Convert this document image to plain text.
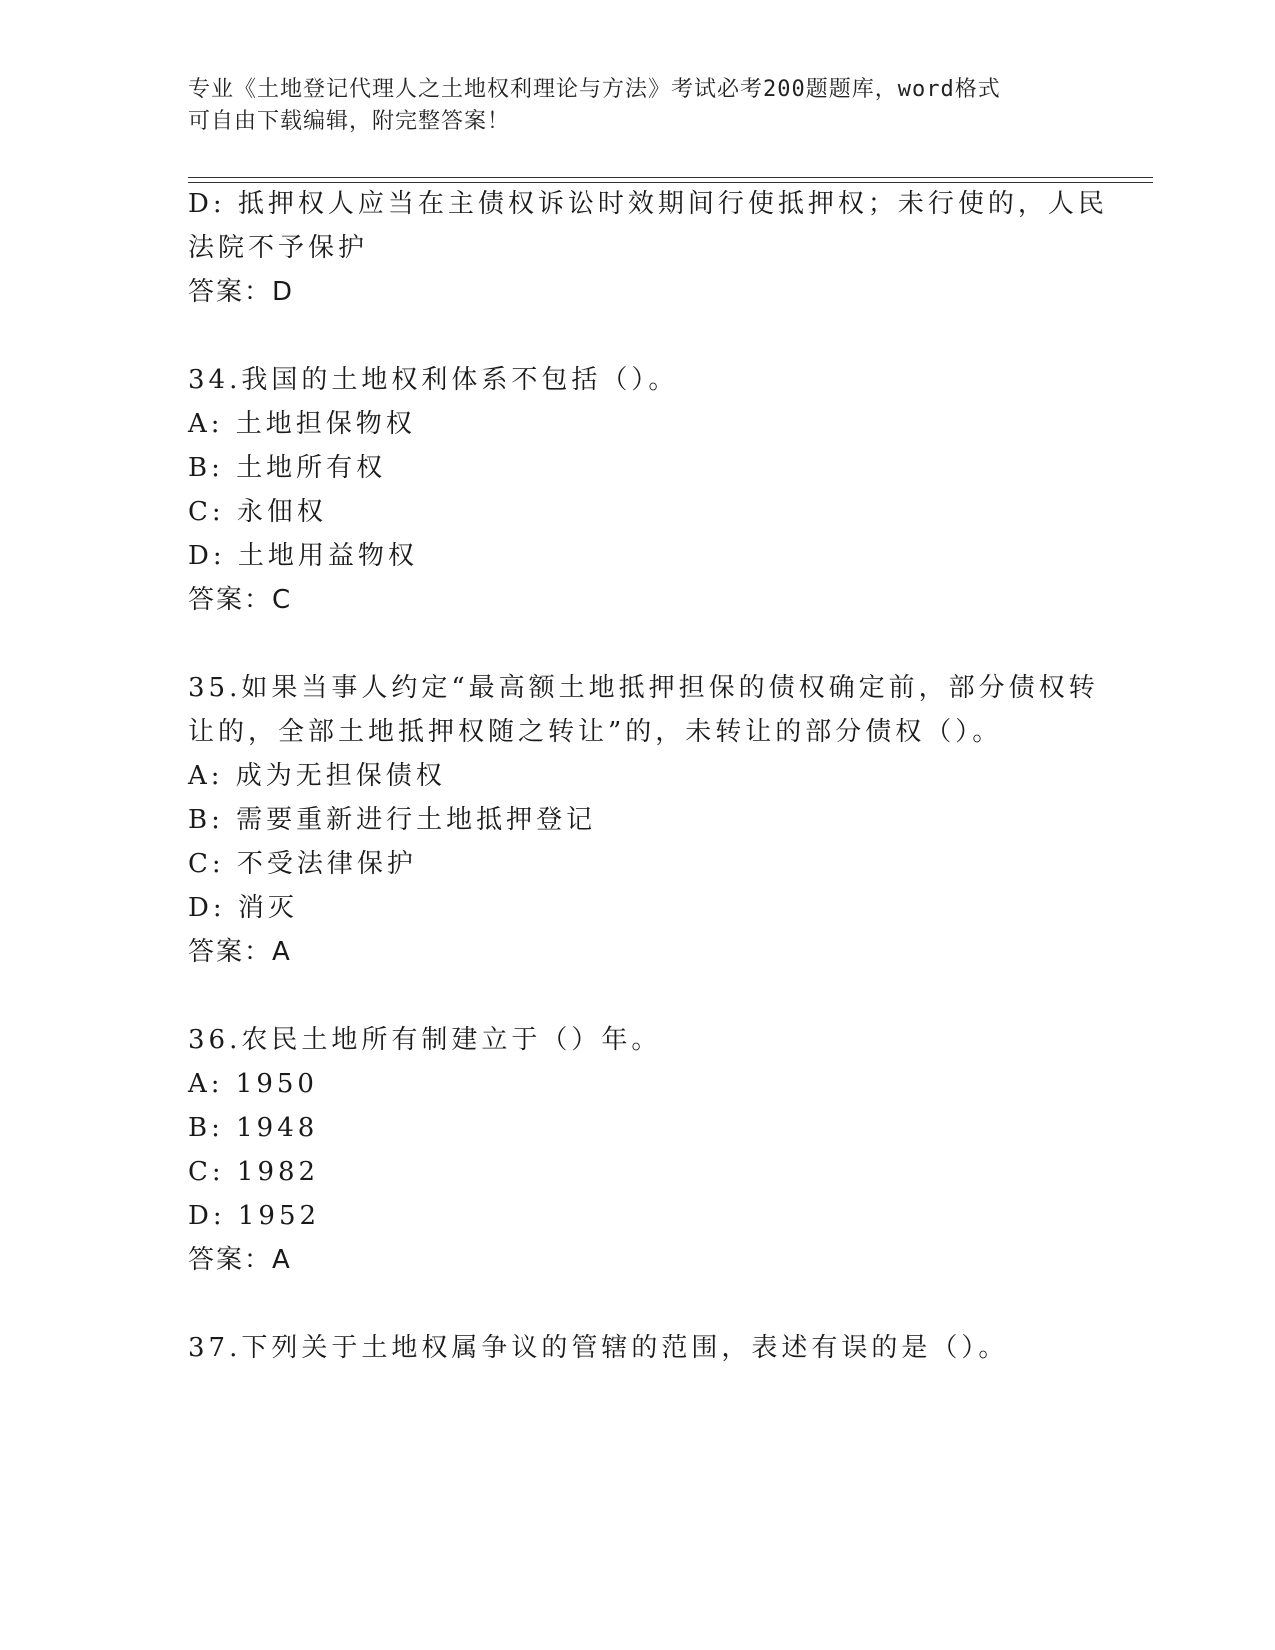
专业《土地登记代理人之土地权利理论与方法》考试必考200题题库，word格式
可自由下载编辑，附完整答案！
D: 抵押权人应当在主债权诉讼时效期间行使抵押权；未行使的，人民
法院不予保护
答案：D
34.我国的土地权利体系不包括（）。
A: 土地担保物权
B: 土地所有权
C: 永佃权
D: 土地用益物权
答案：C
35.如果当事人约定“最高额土地抵押担保的债权确定前，部分债权转
让的，全部土地抵押权随之转让”的，未转让的部分债权（）。
A: 成为无担保债权
B: 需要重新进行土地抵押登记
C: 不受法律保护
D: 消灭
答案：A
36.农民土地所有制建立于（）年。
A: 1950
B: 1948
C: 1982
D: 1952
答案：A
37.下列关于土地权属争议的管辖的范围，表述有误的是（）。
